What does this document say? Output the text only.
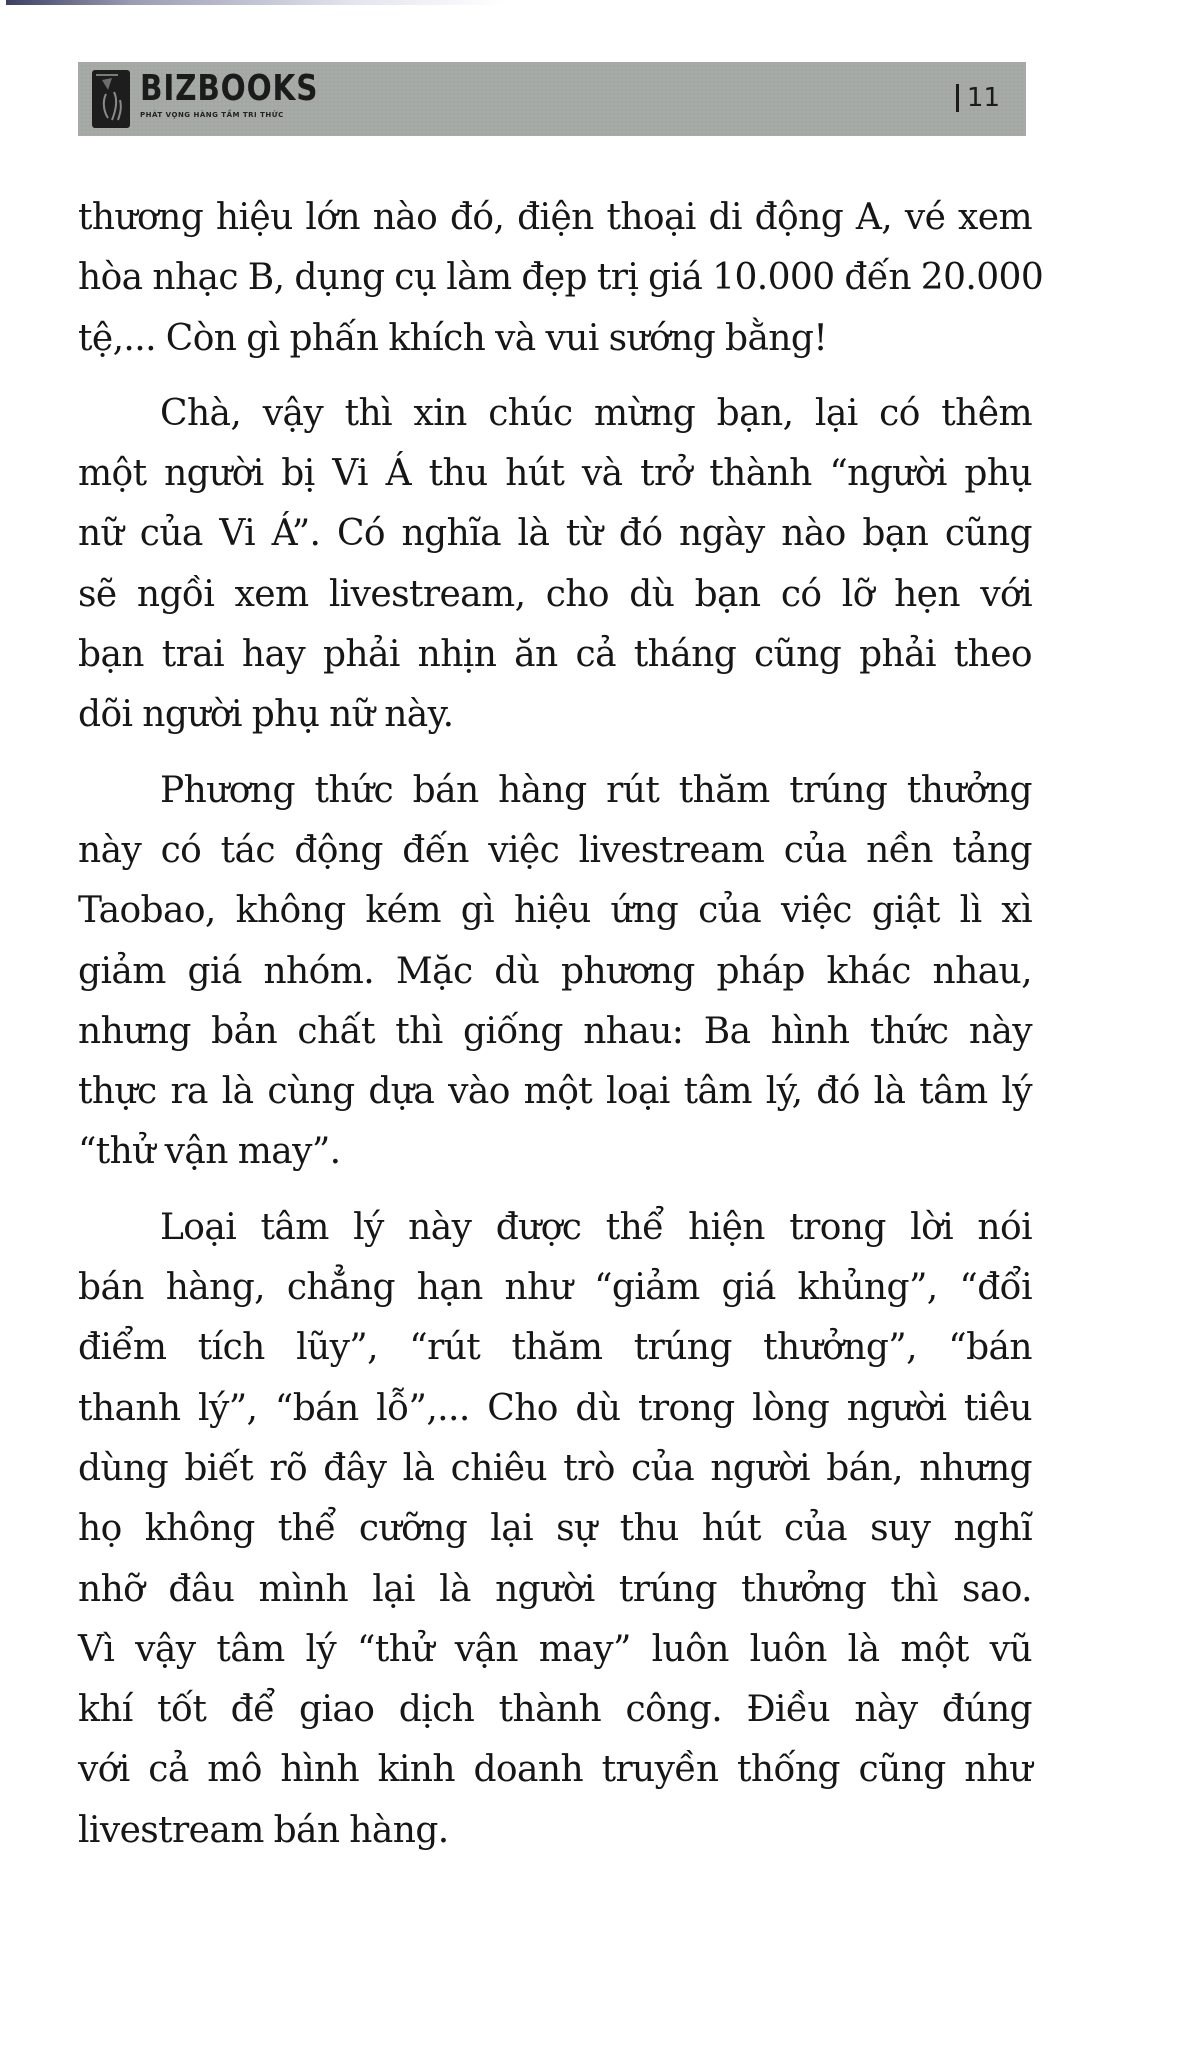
BIZBOOKS
PHÁT VỌNG HÀNG TẦM TRI THỨC
11

thương hiệu lớn nào đó, điện thoại di động A, vé xem
hòa nhạc B, dụng cụ làm đẹp trị giá 10.000 đến 20.000
tệ,... Còn gì phấn khích và vui sướng bằng!

Chà, vậy thì xin chúc mừng bạn, lại có thêm
một người bị Vi Á thu hút và trở thành “người phụ
nữ của Vi Á”. Có nghĩa là từ đó ngày nào bạn cũng
sẽ ngồi xem livestream, cho dù bạn có lỡ hẹn với
bạn trai hay phải nhịn ăn cả tháng cũng phải theo
dõi người phụ nữ này.

Phương thức bán hàng rút thăm trúng thưởng
này có tác động đến việc livestream của nền tảng
Taobao, không kém gì hiệu ứng của việc giật lì xì
giảm giá nhóm. Mặc dù phương pháp khác nhau,
nhưng bản chất thì giống nhau: Ba hình thức này
thực ra là cùng dựa vào một loại tâm lý, đó là tâm lý
“thử vận may”.

Loại tâm lý này được thể hiện trong lời nói
bán hàng, chẳng hạn như “giảm giá khủng”, “đổi
điểm tích lũy”, “rút thăm trúng thưởng”, “bán
thanh lý”, “bán lỗ”,... Cho dù trong lòng người tiêu
dùng biết rõ đây là chiêu trò của người bán, nhưng
họ không thể cưỡng lại sự thu hút của suy nghĩ
nhỡ đâu mình lại là người trúng thưởng thì sao.
Vì vậy tâm lý “thử vận may” luôn luôn là một vũ
khí tốt để giao dịch thành công. Điều này đúng
với cả mô hình kinh doanh truyền thống cũng như
livestream bán hàng.
